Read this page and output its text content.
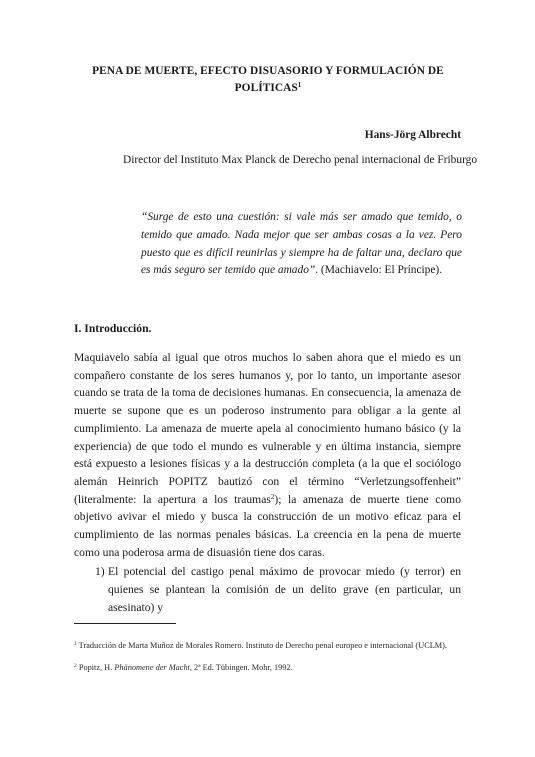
PENA DE MUERTE, EFECTO DISUASORIO Y FORMULACIÓN DE POLÍTICAS$^1$
Hans-Jörg Albrecht
Director del Instituto Max Planck de Derecho penal internacional de Friburgo
“Surge de esto una cuestión: si vale más ser amado que temido, o temido que amado. Nada mejor que ser ambas cosas a la vez. Pero puesto que es difícil reunirlas y siempre ha de faltar una, declaro que es más seguro ser temido que amado”. (Machiavelo: El Príncipe).
I. Introducción.
Maquiavelo sabía al igual que otros muchos lo saben ahora que el miedo es un compañero constante de los seres humanos y, por lo tanto, un importante asesor cuando se trata de la toma de decisiones humanas. En consecuencia, la amenaza de muerte se supone que es un poderoso instrumento para obligar a la gente al cumplimiento. La amenaza de muerte apela al conocimiento humano básico (y la experiencia) de que todo el mundo es vulnerable y en última instancia, siempre está expuesto a lesiones físicas y a la destrucción completa (a la que el sociólogo alemán Heinrich POPITZ bautizó con el término “Verletzungsoffenheit” (literalmente: la apertura a los traumas$^2$); la amenaza de muerte tiene como objetivo avivar el miedo y busca la construcción de un motivo eficaz para el cumplimiento de las normas penales básicas. La creencia en la pena de muerte como una poderosa arma de disuasión tiene dos caras.
1) El potencial del castigo penal máximo de provocar miedo (y terror) en quienes se plantean la comisión de un delito grave (en particular, un asesinato) y
$^1$ Traducción de Marta Muñoz de Morales Romero. Instituto de Derecho penal europeo e internacional (UCLM).
$^2$ Popitz, H. Phänomene der Macht, 2ª Ed. Tübingen. Mohr, 1992.
